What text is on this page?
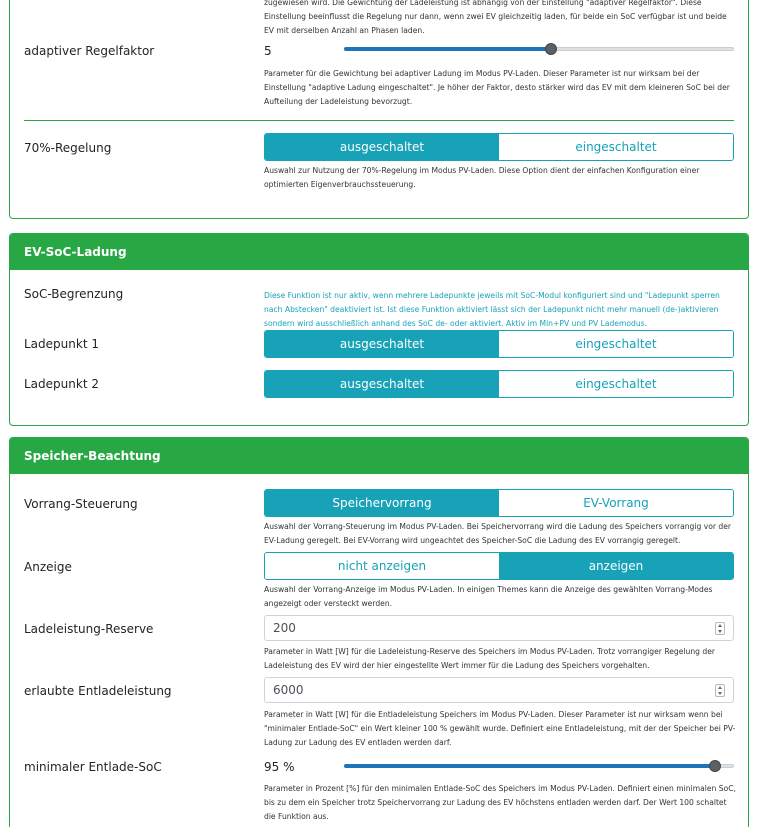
zugewiesen wird. Die Gewichtung der Ladeleistung ist abhängig von der Einstellung "adaptiver Regelfaktor". Diese Einstellung beeinflusst die Regelung nur dann, wenn zwei EV gleichzeitig laden, für beide ein SoC verfügbar ist und beide EV mit derselben Anzahl an Phasen laden.
adaptiver Regelfaktor	5
Parameter für die Gewichtung bei adaptiver Ladung im Modus PV-Laden. Dieser Parameter ist nur wirksam bei der Einstellung "adaptive Ladung eingeschaltet". Je höher der Faktor, desto stärker wird das EV mit dem kleineren SoC bei der Aufteilung der Ladeleistung bevorzugt.
70%-Regelung	ausgeschaltet	eingeschaltet
Auswahl zur Nutzung der 70%-Regelung im Modus PV-Laden. Diese Option dient der einfachen Konfiguration einer optimierten Eigenverbrauchssteuerung.
EV-SoC-Ladung
SoC-Begrenzung	Diese Funktion ist nur aktiv, wenn mehrere Ladepunkte jeweils mit SoC-Modul konfiguriert sind und "Ladepunkt sperren nach Abstecken" deaktiviert ist. Ist diese Funktion aktiviert lässt sich der Ladepunkt nicht mehr manuell (de-)aktivieren sondern wird ausschließlich anhand des SoC de- oder aktiviert. Aktiv im Min+PV und PV Lademodus.
Ladepunkt 1	ausgeschaltet	eingeschaltet
Ladepunkt 2	ausgeschaltet	eingeschaltet
Speicher-Beachtung
Vorrang-Steuerung	Speichervorrang	EV-Vorrang
Auswahl der Vorrang-Steuerung im Modus PV-Laden. Bei Speichervorrang wird die Ladung des Speichers vorrangig vor der EV-Ladung geregelt. Bei EV-Vorrang wird ungeachtet des Speicher-SoC die Ladung des EV vorrangig geregelt.
Anzeige	nicht anzeigen	anzeigen
Auswahl der Vorrang-Anzeige im Modus PV-Laden. In einigen Themes kann die Anzeige des gewählten Vorrang-Modes angezeigt oder versteckt werden.
Ladeleistung-Reserve	200
Parameter in Watt [W] für die Ladeleistung-Reserve des Speichers im Modus PV-Laden. Trotz vorrangiger Regelung der Ladeleistung des EV wird der hier eingestellte Wert immer für die Ladung des Speichers vorgehalten.
erlaubte Entladeleistung	6000
Parameter in Watt [W] für die Entladeleistung Speichers im Modus PV-Laden. Dieser Parameter ist nur wirksam wenn bei "minimaler Entlade-SoC" ein Wert kleiner 100 % gewählt wurde. Definiert eine Entladeleistung, mit der der Speicher bei PV-Ladung zur Ladung des EV entladen werden darf.
minimaler Entlade-SoC	95 %
Parameter in Prozent [%] für den minimalen Entlade-SoC des Speichers im Modus PV-Laden. Definiert einen minimalen SoC, bis zu dem ein Speicher trotz Speichervorrang zur Ladung des EV höchstens entladen werden darf. Der Wert 100 schaltet die Funktion aus.
